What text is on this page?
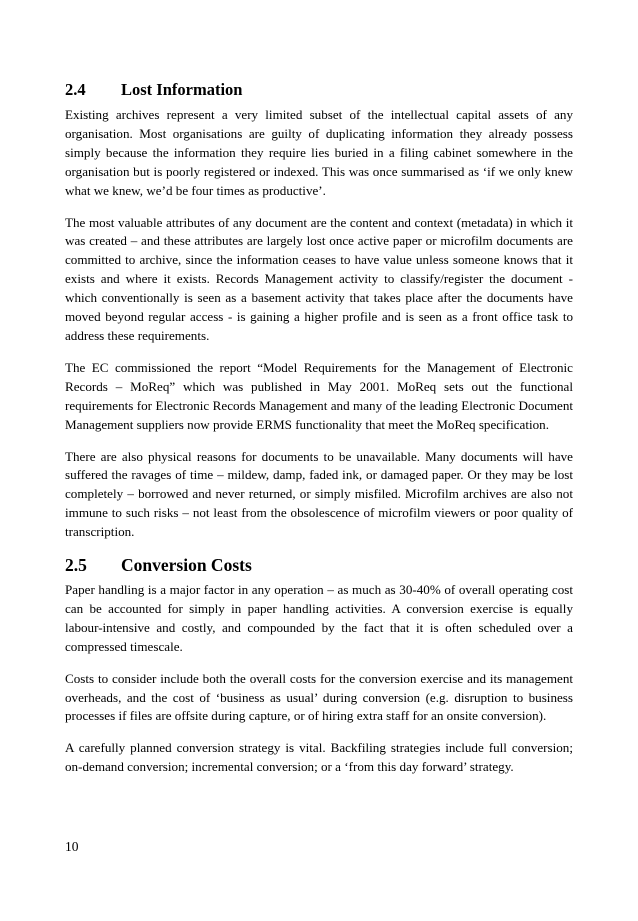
2.4	Lost Information

Existing archives represent a very limited subset of the intellectual capital assets of any organisation. Most organisations are guilty of duplicating information they already possess simply because the information they require lies buried in a filing cabinet somewhere in the organisation but is poorly registered or indexed. This was once summarised as ‘if we only knew what we knew, we’d be four times as productive’.

The most valuable attributes of any document are the content and context (metadata) in which it was created – and these attributes are largely lost once active paper or microfilm documents are committed to archive, since the information ceases to have value unless someone knows that it exists and where it exists. Records Management activity to classify/register the document - which conventionally is seen as a basement activity that takes place after the documents have moved beyond regular access - is gaining a higher profile and is seen as a front office task to address these requirements.

The EC commissioned the report “Model Requirements for the Management of Electronic Records – MoReq” which was published in May 2001. MoReq sets out the functional requirements for Electronic Records Management and many of the leading Electronic Document Management suppliers now provide ERMS functionality that meet the MoReq specification.

There are also physical reasons for documents to be unavailable. Many documents will have suffered the ravages of time – mildew, damp, faded ink, or damaged paper. Or they may be lost completely – borrowed and never returned, or simply misfiled. Microfilm archives are also not immune to such risks – not least from the obsolescence of microfilm viewers or poor quality of transcription.

2.5	Conversion Costs

Paper handling is a major factor in any operation – as much as 30-40% of overall operating cost can be accounted for simply in paper handling activities. A conversion exercise is equally labour-intensive and costly, and compounded by the fact that it is often scheduled over a compressed timescale.

Costs to consider include both the overall costs for the conversion exercise and its management overheads, and the cost of ‘business as usual’ during conversion (e.g. disruption to business processes if files are offsite during capture, or of hiring extra staff for an onsite conversion).

A carefully planned conversion strategy is vital. Backfiling strategies include full conversion; on-demand conversion; incremental conversion; or a ‘from this day forward’ strategy.

10
